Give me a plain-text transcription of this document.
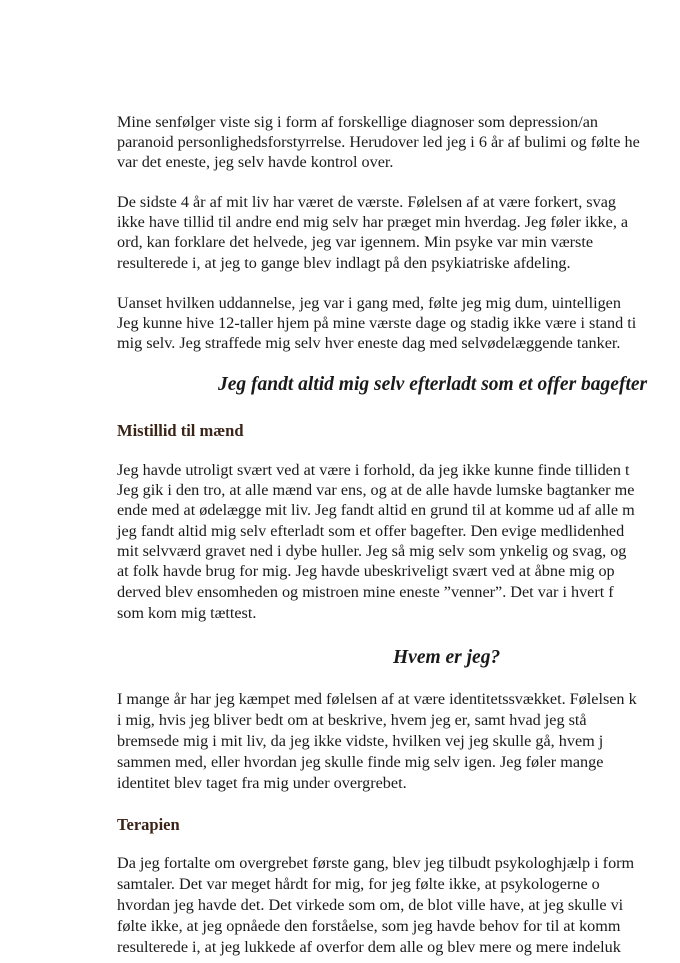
Mine senfølger viste sig i form af forskellige diagnoser som depression/an
paranoid personlighedsforstyrrelse. Herudover led jeg i 6 år af bulimi og følte he
var det eneste, jeg selv havde kontrol over.
De sidste 4 år af mit liv har været de værste. Følelsen af at være forkert, svag
ikke have tillid til andre end mig selv har præget min hverdag. Jeg føler ikke, a
ord, kan forklare det helvede, jeg var igennem. Min psyke var min værste
resulterede i, at jeg to gange blev indlagt på den psykiatriske afdeling.
Uanset hvilken uddannelse, jeg var i gang med, følte jeg mig dum, uintelligen
Jeg kunne hive 12-taller hjem på mine værste dage og stadig ikke være i stand ti
mig selv. Jeg straffede mig selv hver eneste dag med selvødelæggende tanker.
Jeg fandt altid mig selv efterladt som et offer bagefter
Mistillid til mænd
Jeg havde utroligt svært ved at være i forhold, da jeg ikke kunne finde tilliden t
Jeg gik i den tro, at alle mænd var ens, og at de alle havde lumske bagtanker me
ende med at ødelægge mit liv. Jeg fandt altid en grund til at komme ud af alle m
jeg fandt altid mig selv efterladt som et offer bagefter. Den evige medlidenhed
mit selvværd gravet ned i dybe huller. Jeg så mig selv som ynkelig og svag, og
at folk havde brug for mig. Jeg havde ubeskriveligt svært ved at åbne mig op
derved blev ensomheden og mistroen mine eneste ”venner”. Det var i hvert f
som kom mig tættest.
Hvem er jeg?
I mange år har jeg kæmpet med følelsen af at være identitetssvækket. Følelsen k
i mig, hvis jeg bliver bedt om at beskrive, hvem jeg er, samt hvad jeg stå
bremsede mig i mit liv, da jeg ikke vidste, hvilken vej jeg skulle gå, hvem j
sammen med, eller hvordan jeg skulle finde mig selv igen. Jeg føler mange
identitet blev taget fra mig under overgrebet.
Terapien
Da jeg fortalte om overgrebet første gang, blev jeg tilbudt psykologhjælp i form
samtaler. Det var meget hårdt for mig, for jeg følte ikke, at psykologerne o
hvordan jeg havde det. Det virkede som om, de blot ville have, at jeg skulle vi
følte ikke, at jeg opnåede den forståelse, som jeg havde behov for til at komm
resulterede i, at jeg lukkede af overfor dem alle og blev mere og mere indeluk
